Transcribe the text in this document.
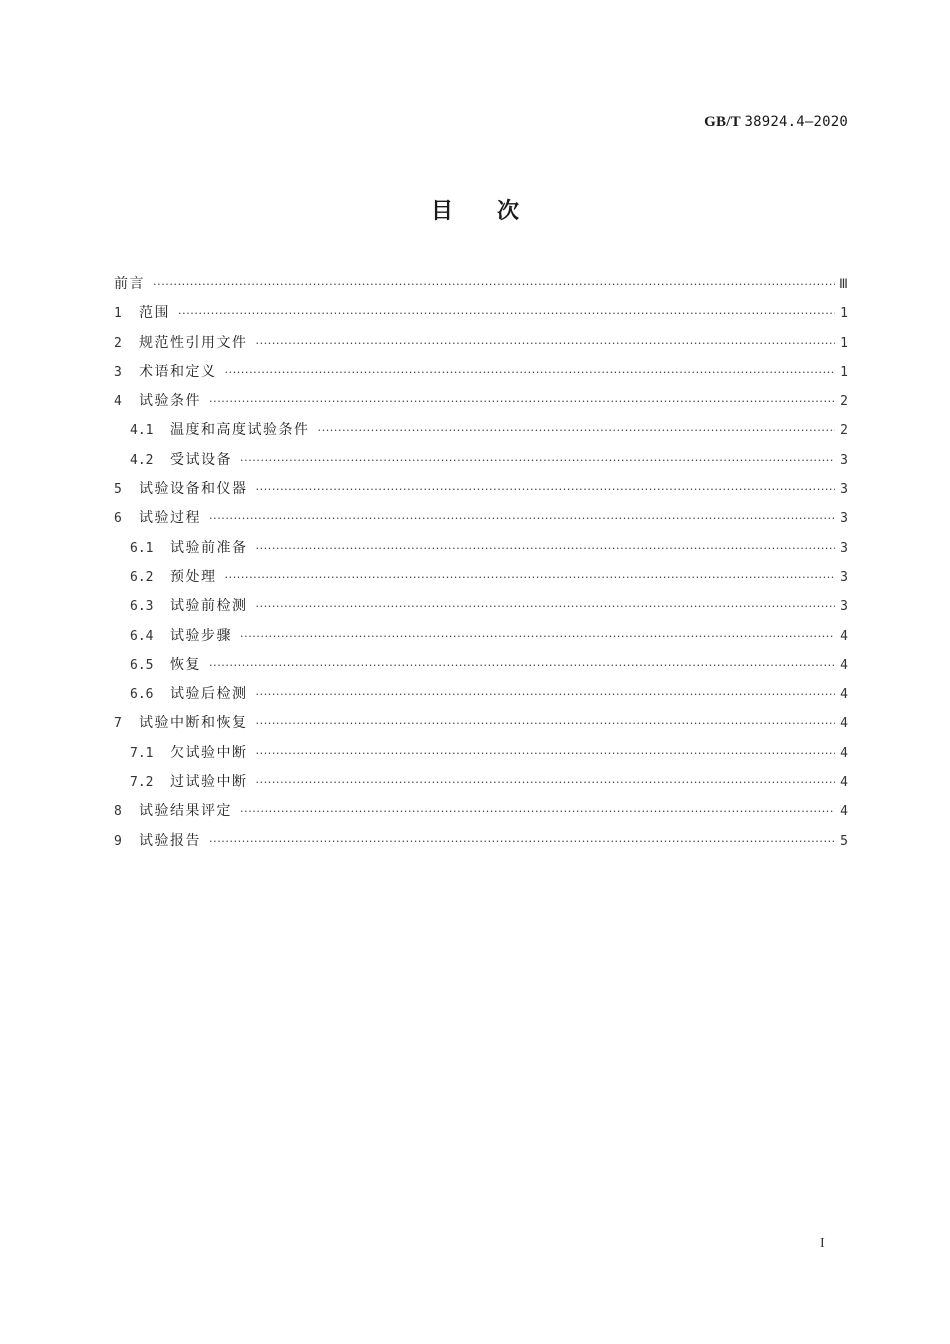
GB/T 38924.4—2020
目次
前言 ·····	Ⅲ
1	范围 ·····	1
2	规范性引用文件 ·····	1
3	术语和定义 ·····	1
4	试验条件 ·····	2
4.1	温度和高度试验条件 ·····	2
4.2	受试设备 ·····	3
5	试验设备和仪器 ·····	3
6	试验过程 ·····	3
6.1	试验前准备 ·····	3
6.2	预处理 ·····	3
6.3	试验前检测 ·····	3
6.4	试验步骤 ·····	4
6.5	恢复 ·····	4
6.6	试验后检测 ·····	4
7	试验中断和恢复 ·····	4
7.1	欠试验中断 ·····	4
7.2	过试验中断 ·····	4
8	试验结果评定 ·····	4
9	试验报告 ·····	5
I
